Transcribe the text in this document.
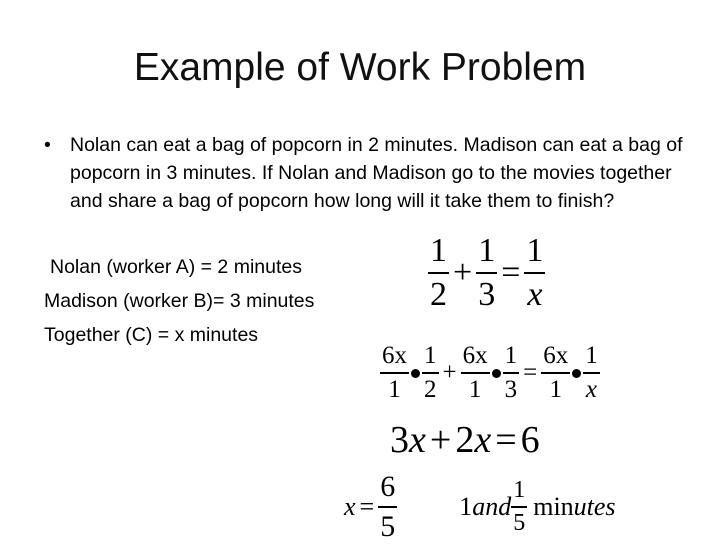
Example of Work Problem
• Nolan can eat a bag of popcorn in 2 minutes. Madison can eat a bag of popcorn in 3 minutes. If Nolan and Madison go to the movies together and share a bag of popcorn how long will it take them to finish?
Nolan (worker A) = 2 minutes
Madison (worker B)= 3 minutes
Together (C) = x minutes
$\frac{1}{2} + \frac{1}{3} = \frac{1}{x}$
$\frac{6x}{1} \frac{1}{2} + \frac{6x}{1} \frac{1}{3} = \frac{6x}{1} \frac{1}{x}$
3 x + 2 x = 6
$x = \frac{6}{5} 1$ and $\frac{1}{5}$ min utes
